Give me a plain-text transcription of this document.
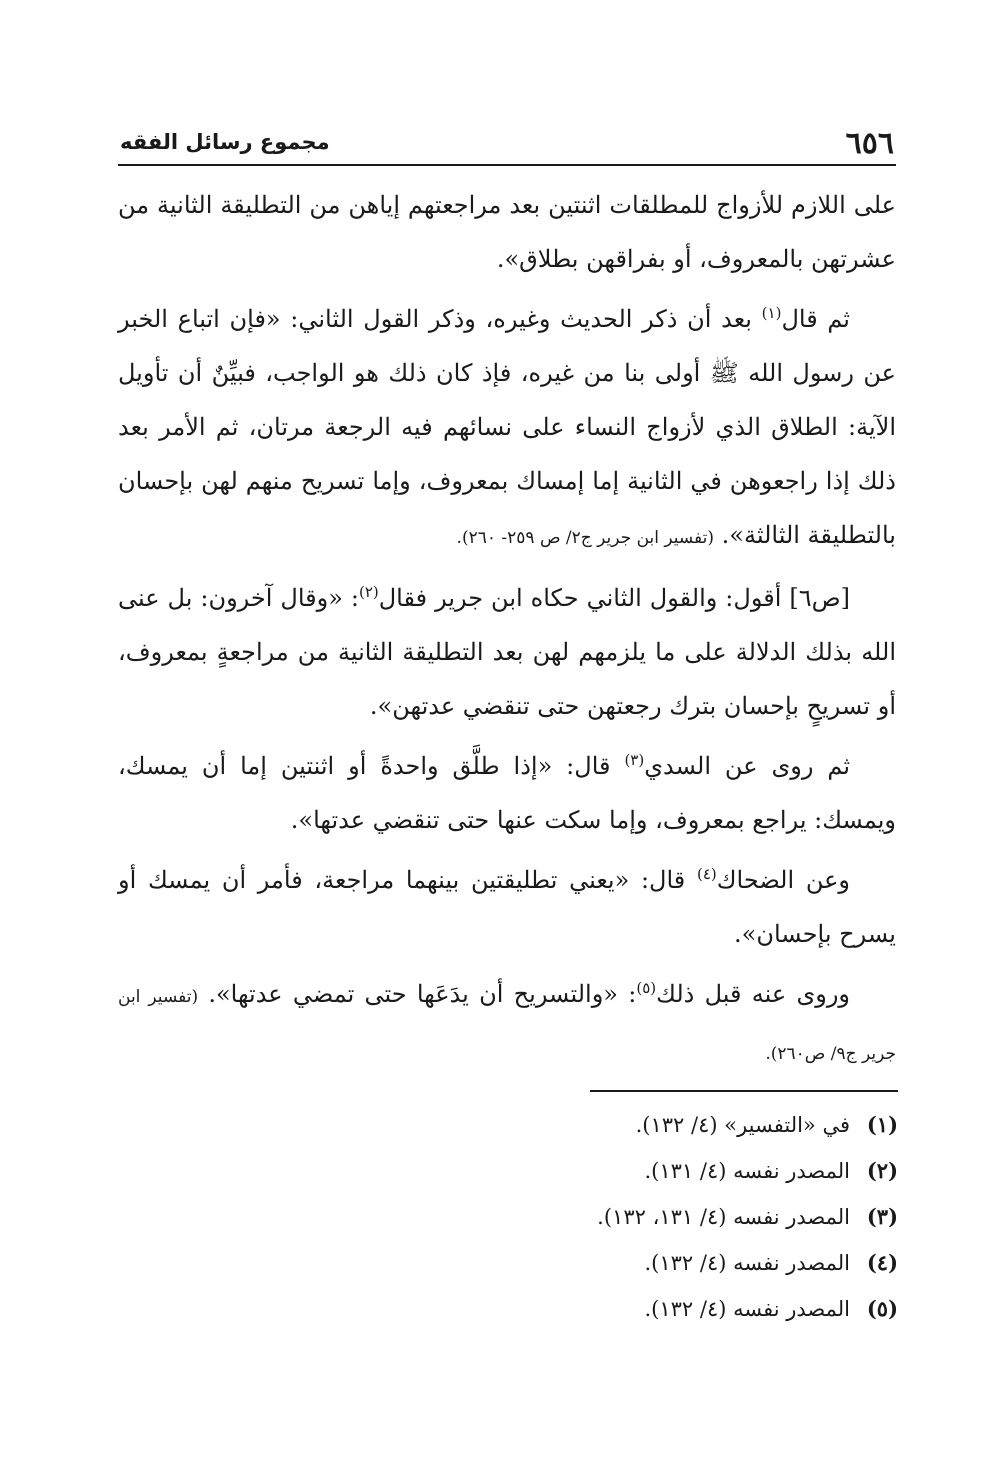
٦٥٦
مجموع رسائل الفقه

على اللازم للأزواج للمطلقات اثنتين بعد مراجعتهم إياهن من التطليقة الثانية من عشرتهن بالمعروف، أو بفراقهن بطلاق».

ثم قال$^{(١)}$ بعد أن ذكر الحديث وغيره، وذكر القول الثاني: «فإن اتباع الخبر عن رسول الله ﷺ أولى بنا من غيره، فإذ كان ذلك هو الواجب، فبيِّنٌ أن تأويل الآية: الطلاق الذي لأزواج النساء على نسائهم فيه الرجعة مرتان، ثم الأمر بعد ذلك إذا راجعوهن في الثانية إما إمساك بمعروف، وإما تسريح منهم لهن بإحسان بالتطليقة الثالثة». (تفسير ابن جرير ج٢/ ص ٢٥٩- ٢٦٠).

[ص٦] أقول: والقول الثاني حكاه ابن جرير فقال$^{(٢)}$: «وقال آخرون: بل عنى الله بذلك الدلالة على ما يلزمهم لهن بعد التطليقة الثانية من مراجعةٍ بمعروف، أو تسريحٍ بإحسان بترك رجعتهن حتى تنقضي عدتهن».

ثم روى عن السدي$^{(٣)}$ قال: «إذا طلَّق واحدةً أو اثنتين إما أن يمسك، ويمسك: يراجع بمعروف، وإما سكت عنها حتى تنقضي عدتها».

وعن الضحاك$^{(٤)}$ قال: «يعني تطليقتين بينهما مراجعة، فأمر أن يمسك أو يسرح بإحسان».

وروى عنه قبل ذلك$^{(٥)}$: «والتسريح أن يدَعَها حتى تمضي عدتها». (تفسير ابن جرير ج٩/ ص٢٦٠).

(١)في «التفسير» (٤/ ١٣٢).
(٢)المصدر نفسه (٤/ ١٣١).
(٣)المصدر نفسه (٤/ ١٣١، ١٣٢).
(٤)المصدر نفسه (٤/ ١٣٢).
(٥)المصدر نفسه (٤/ ١٣٢).
